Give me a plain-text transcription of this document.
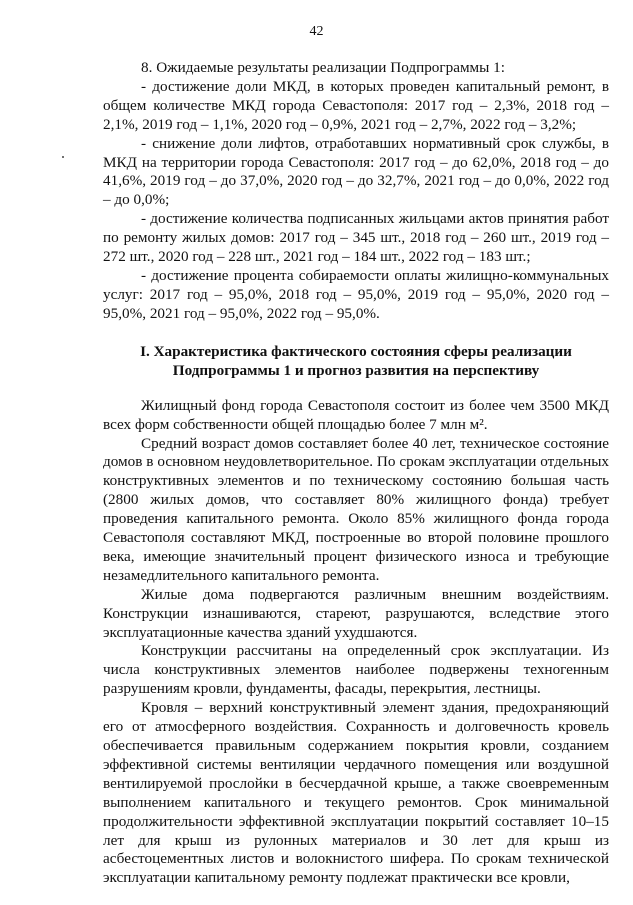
42

8. Ожидаемые результаты реализации Подпрограммы 1:

- достижение доли МКД, в которых проведен капитальный ремонт, в общем количестве МКД города Севастополя: 2017 год – 2,3%, 2018 год – 2,1%, 2019 год – 1,1%, 2020 год – 0,9%, 2021 год – 2,7%, 2022 год – 3,2%;

- снижение доли лифтов, отработавших нормативный срок службы, в МКД на территории города Севастополя: 2017 год – до 62,0%, 2018 год – до 41,6%, 2019 год – до 37,0%, 2020 год – до 32,7%, 2021 год – до 0,0%, 2022 год – до 0,0%;

- достижение количества подписанных жильцами актов принятия работ по ремонту жилых домов: 2017 год – 345 шт., 2018 год – 260 шт., 2019 год – 272 шт., 2020 год – 228 шт., 2021 год – 184 шт., 2022 год – 183 шт.;

- достижение процента собираемости оплаты жилищно-коммунальных услуг: 2017 год – 95,0%, 2018 год – 95,0%, 2019 год – 95,0%, 2020 год – 95,0%, 2021 год – 95,0%, 2022 год – 95,0%.

I. Характеристика фактического состояния сферы реализации
Подпрограммы 1 и прогноз развития на перспективу

Жилищный фонд города Севастополя состоит из более чем 3500 МКД всех форм собственности общей площадью более 7 млн м².

Средний возраст домов составляет более 40 лет, техническое состояние домов в основном неудовлетворительное. По срокам эксплуатации отдельных конструктивных элементов и по техническому состоянию большая часть (2800 жилых домов, что составляет 80% жилищного фонда) требует проведения капитального ремонта. Около 85% жилищного фонда города Севастополя составляют МКД, построенные во второй половине прошлого века, имеющие значительный процент физического износа и требующие незамедлительного капитального ремонта.

Жилые дома подвергаются различным внешним воздействиям. Конструкции изнашиваются, стареют, разрушаются, вследствие этого эксплуатационные качества зданий ухудшаются.

Конструкции рассчитаны на определенный срок эксплуатации. Из числа конструктивных элементов наиболее подвержены техногенным разрушениям кровли, фундаменты, фасады, перекрытия, лестницы.

Кровля – верхний конструктивный элемент здания, предохраняющий его от атмосферного воздействия. Сохранность и долговечность кровель обеспечивается правильным содержанием покрытия кровли, созданием эффективной системы вентиляции чердачного помещения или воздушной вентилируемой прослойки в бесчердачной крыше, а также своевременным выполнением капитального и текущего ремонтов. Срок минимальной продолжительности эффективной эксплуатации покрытий составляет 10–15 лет для крыш из рулонных материалов и 30 лет для крыш из асбестоцементных листов и волокнистого шифера. По срокам технической эксплуатации капитальному ремонту подлежат практически все кровли,
